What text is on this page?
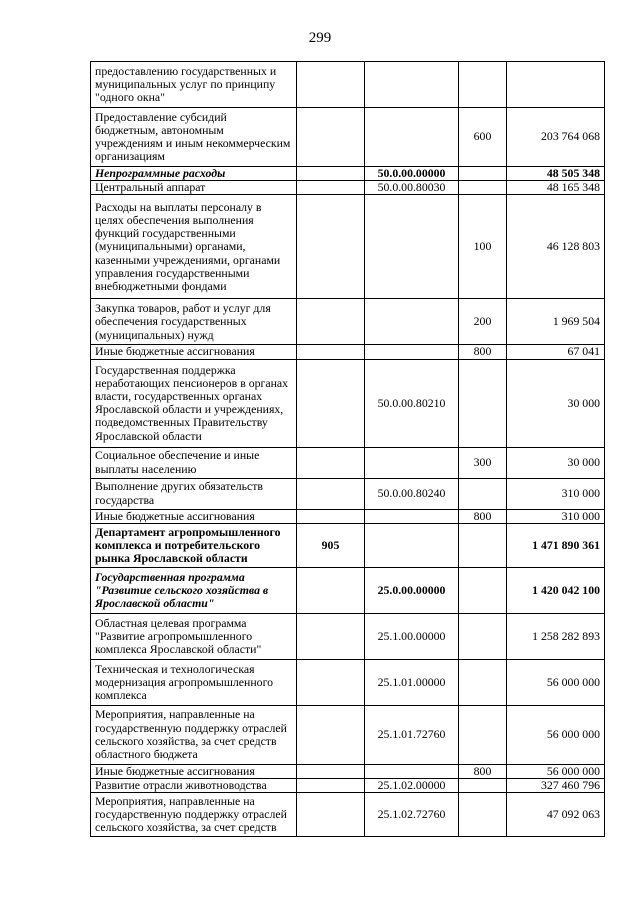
299
предоставлению государственных и муниципальных услуг по принципу "одного окна"				
Предоставление субсидий бюджетным, автономным учреждениям и иным некоммерческим организациям			600	203 764 068
Непрограммные расходы		50.0.00.00000		48 505 348
Центральный аппарат		50.0.00.80030		48 165 348
Расходы на выплаты персоналу в целях обеспечения выполнения функций государственными (муниципальными) органами, казенными учреждениями, органами управления государственными внебюджетными фондами			100	46 128 803
Закупка товаров, работ и услуг для обеспечения государственных (муниципальных) нужд			200	1 969 504
Иные бюджетные ассигнования			800	67 041
Государственная поддержка неработающих пенсионеров в органах власти, государственных органах Ярославской области и учреждениях, подведомственных Правительству Ярославской области		50.0.00.80210		30 000
Социальное обеспечение и иные выплаты населению			300	30 000
Выполнение других обязательств государства		50.0.00.80240		310 000
Иные бюджетные ассигнования			800	310 000
Департамент агропромышленного комплекса и потребительского рынка Ярославской области	905			1 471 890 361
Государственная программа "Развитие сельского хозяйства в Ярославской области"		25.0.00.00000		1 420 042 100
Областная целевая программа "Развитие агропромышленного комплекса Ярославской области"		25.1.00.00000		1 258 282 893
Техническая и технологическая модернизация агропромышленного комплекса		25.1.01.00000		56 000 000
Мероприятия, направленные на государственную поддержку отраслей сельского хозяйства, за счет средств областного бюджета		25.1.01.72760		56 000 000
Иные бюджетные ассигнования			800	56 000 000
Развитие отрасли животноводства		25.1.02.00000		327 460 796
Мероприятия, направленные на государственную поддержку отраслей сельского хозяйства, за счет средств		25.1.02.72760		47 092 063
